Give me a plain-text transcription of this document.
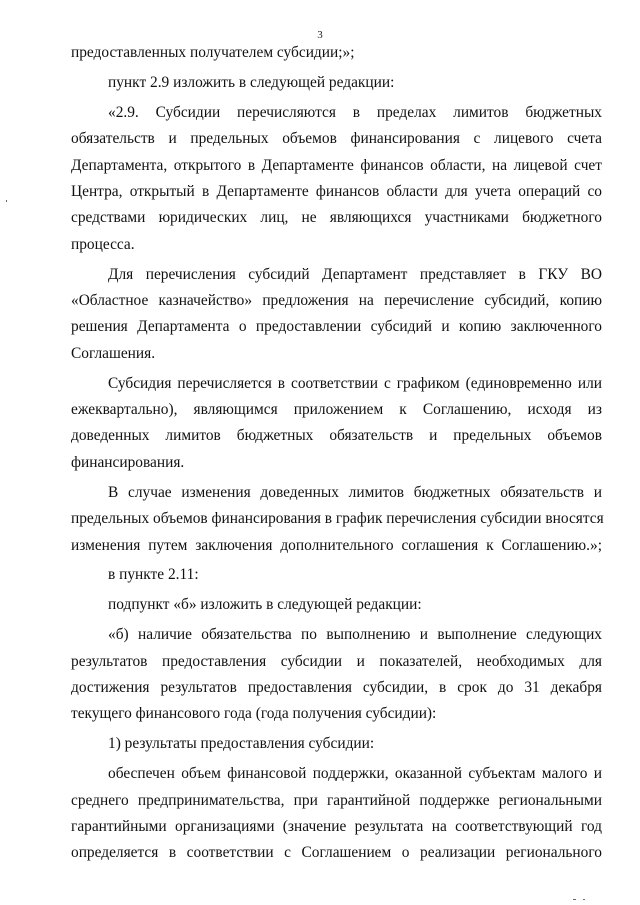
3
предоставленных получателем субсидии;»;
пункт 2.9 изложить в следующей редакции:
«2.9. Субсидии перечисляются в пределах лимитов бюджетных
обязательств и предельных объемов финансирования с лицевого счета
Департамента, открытого в Департаменте финансов области, на лицевой счет
Центра, открытый в Департаменте финансов области для учета операций со
средствами юридических лиц, не являющихся участниками бюджетного
процесса.
Для перечисления субсидий Департамент представляет в ГКУ ВО
«Областное казначейство» предложения на перечисление субсидий, копию
решения Департамента о предоставлении субсидий и копию заключенного
Соглашения.
Субсидия перечисляется в соответствии с графиком (единовременно или
ежеквартально), являющимся приложением к Соглашению, исходя из
доведенных лимитов бюджетных обязательств и предельных объемов
финансирования.
В случае изменения доведенных лимитов бюджетных обязательств и
предельных объемов финансирования в график перечисления субсидии вносятся
изменения путем заключения дополнительного соглашения к Соглашению.»;
в пункте 2.11:
подпункт «б» изложить в следующей редакции:
«б) наличие обязательства по выполнению и выполнение следующих
результатов предоставления субсидии и показателей, необходимых для
достижения результатов предоставления субсидии, в срок до 31 декабря
текущего финансового года (года получения субсидии):
1) результаты предоставления субсидии:
обеспечен объем финансовой поддержки, оказанной субъектам малого и
среднего предпринимательства, при гарантийной поддержке региональными
гарантийными организациями (значение результата на соответствующий год
определяется в соответствии с Соглашением о реализации регионального
